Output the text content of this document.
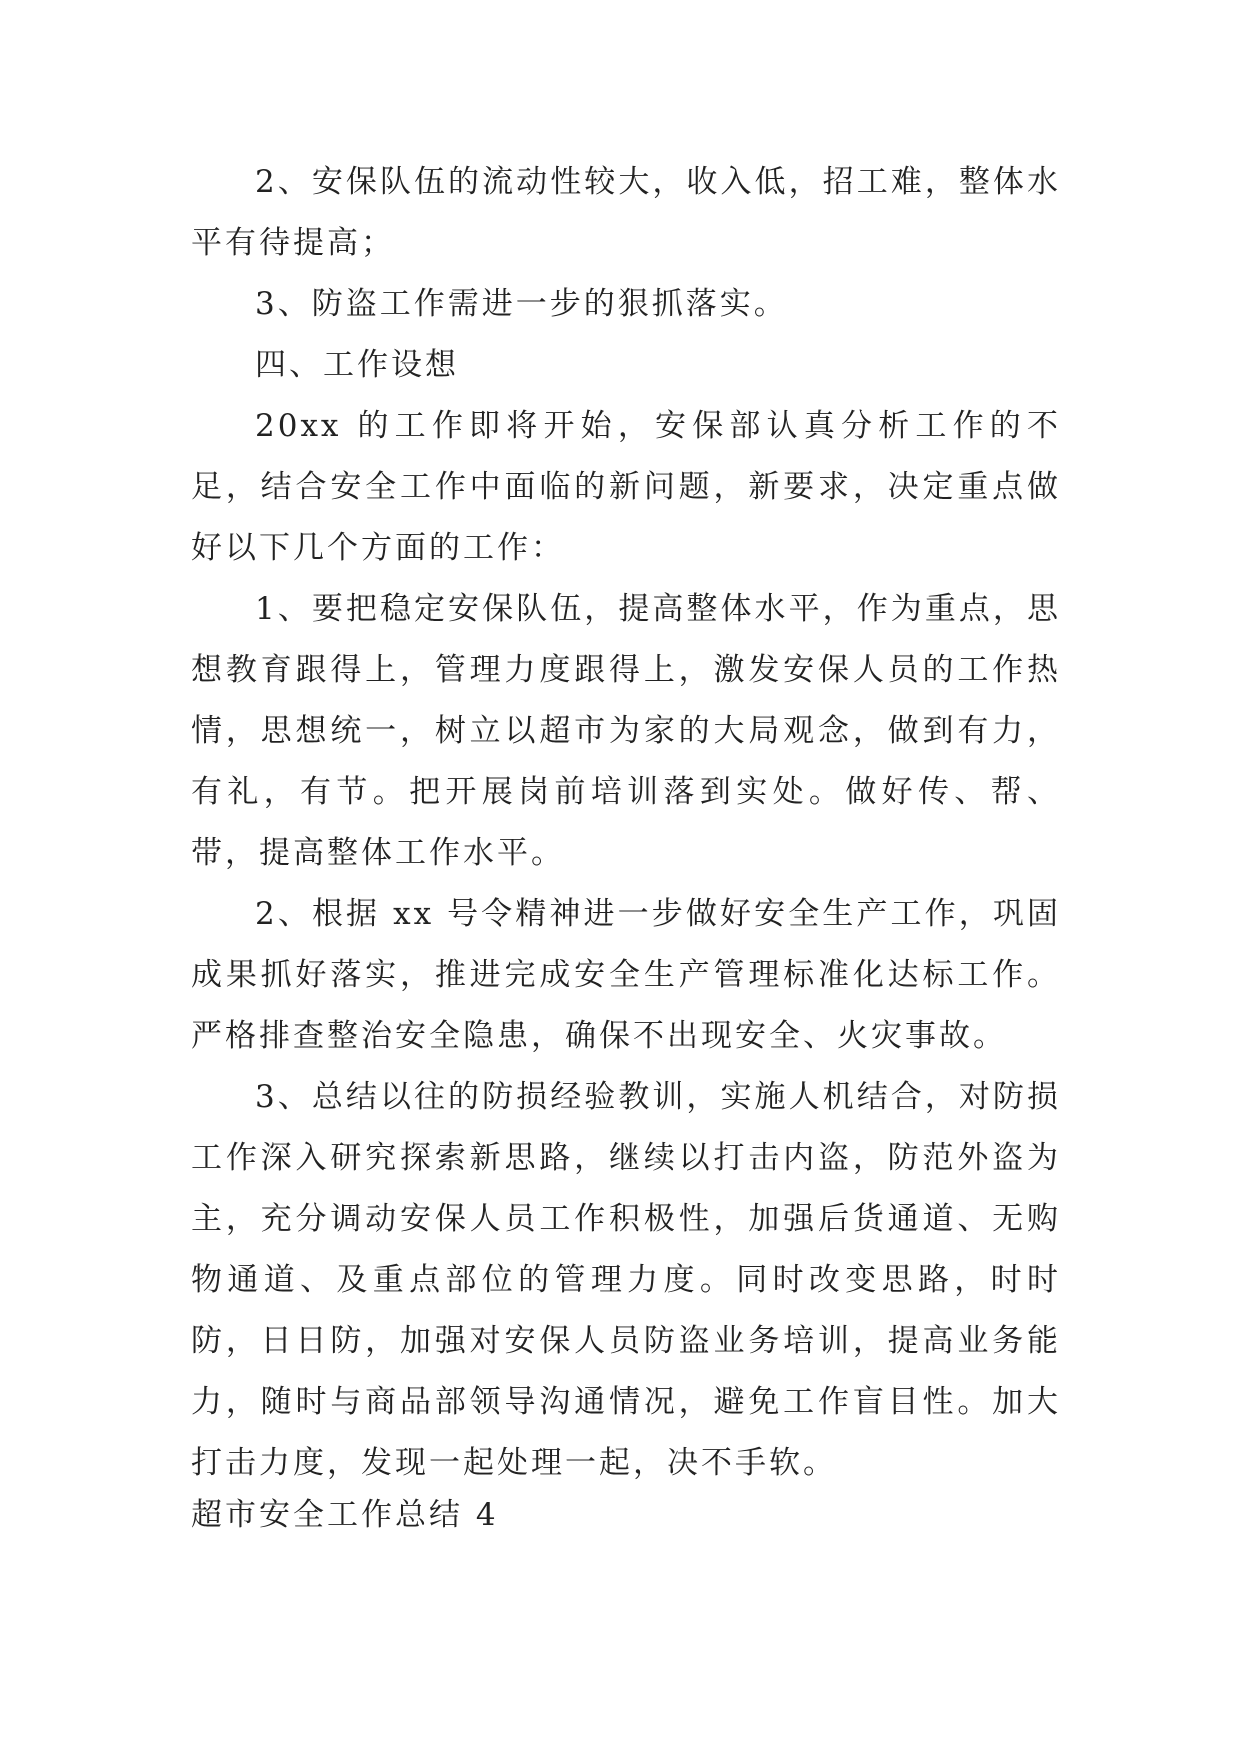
2、安保队伍的流动性较大，收入低，招工难，整体水平有待提高；

3、防盗工作需进一步的狠抓落实。

四、工作设想

20xx 的工作即将开始，安保部认真分析工作的不足，结合安全工作中面临的新问题，新要求，决定重点做好以下几个方面的工作：

1、要把稳定安保队伍，提高整体水平，作为重点，思想教育跟得上，管理力度跟得上，激发安保人员的工作热情，思想统一，树立以超市为家的大局观念，做到有力，有礼，有节。把开展岗前培训落到实处。做好传、帮、带，提高整体工作水平。

2、根据 xx 号令精神进一步做好安全生产工作，巩固成果抓好落实，推进完成安全生产管理标准化达标工作。严格排查整治安全隐患，确保不出现安全、火灾事故。

3、总结以往的防损经验教训，实施人机结合，对防损工作深入研究探索新思路，继续以打击内盗，防范外盗为主，充分调动安保人员工作积极性，加强后货通道、无购物通道、及重点部位的管理力度。同时改变思路，时时防，日日防，加强对安保人员防盗业务培训，提高业务能力，随时与商品部领导沟通情况，避免工作盲目性。加大打击力度，发现一起处理一起，决不手软。

超市安全工作总结 4
